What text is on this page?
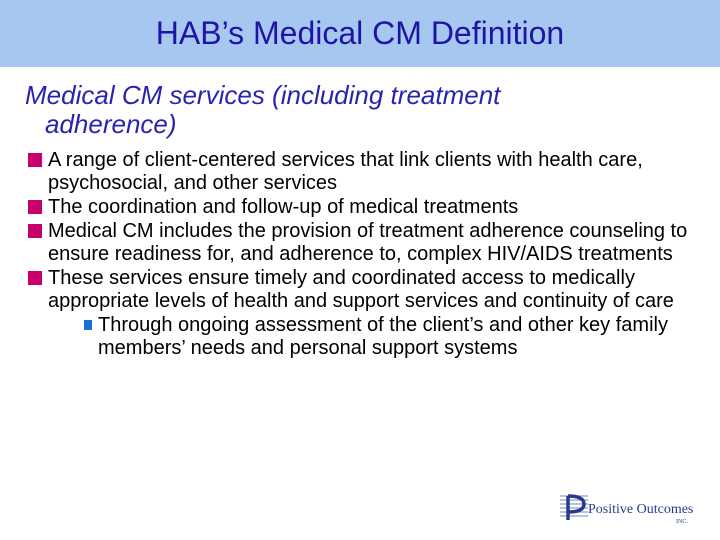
HAB’s Medical CM Definition
Medical CM services (including treatment
adherence)
A range of client-centered services that link clients with health care, psychosocial, and other services
The coordination and follow-up of medical treatments
Medical CM includes the provision of treatment adherence counseling to ensure readiness for, and adherence to, complex HIV/AIDS treatments
These services ensure timely and coordinated access to medically appropriate levels of health and support services and continuity of care
Through ongoing assessment of the client’s and other key family members’ needs and personal support systems
Positive Outcomes
INC.
